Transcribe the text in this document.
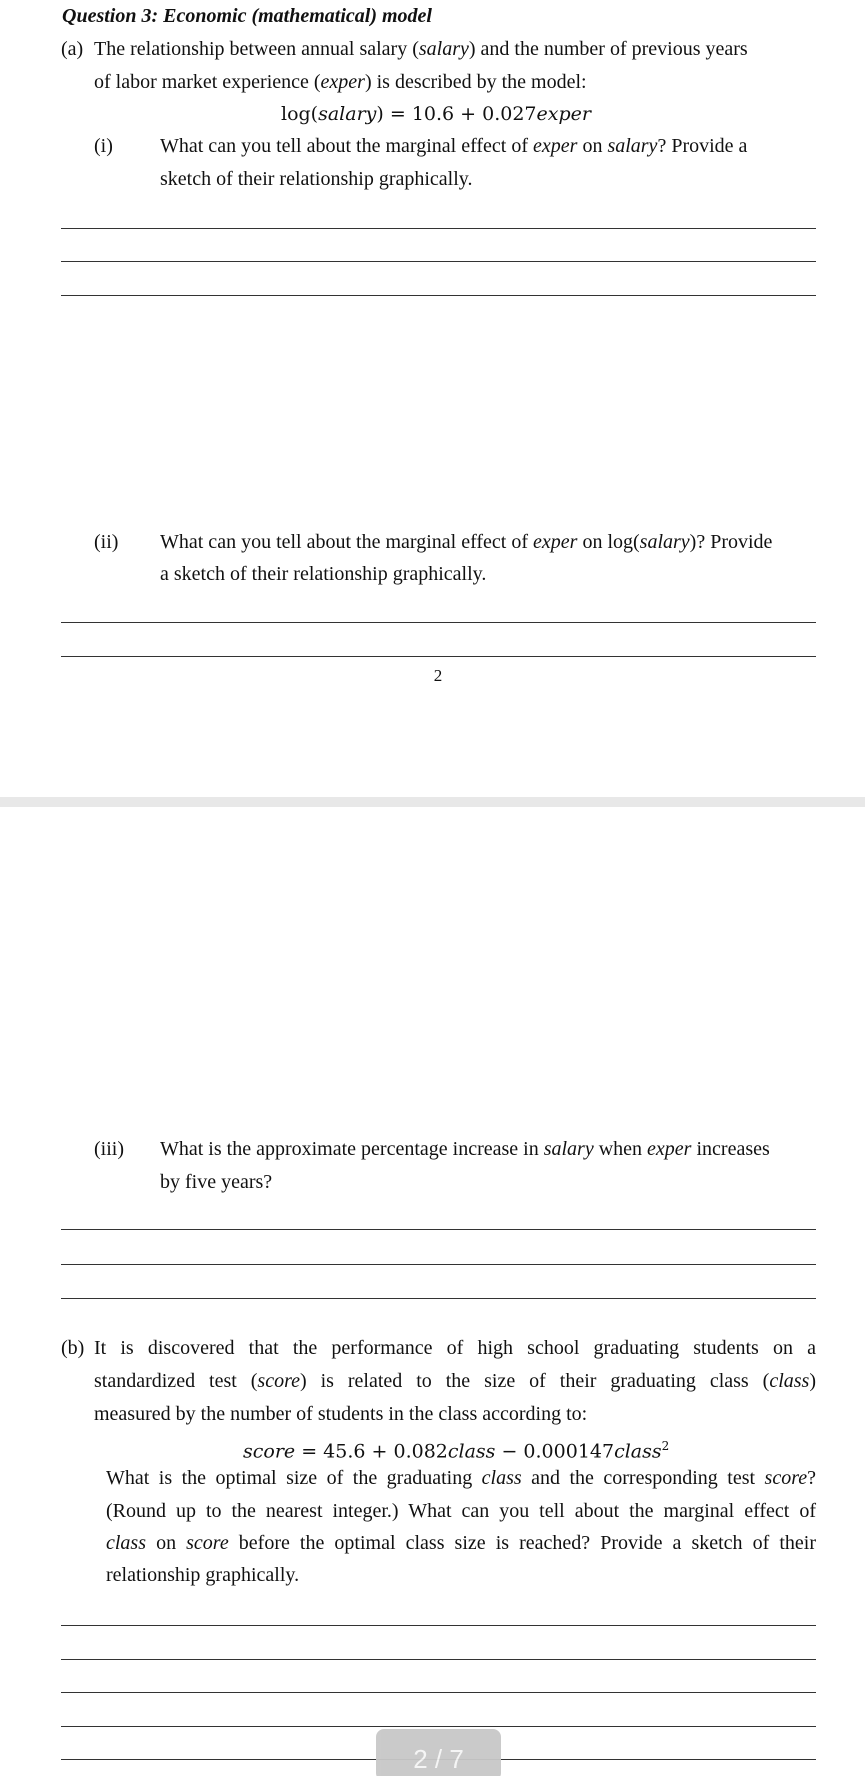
Question 3: Economic (mathematical) model
(a) The relationship between annual salary (salary) and the number of previous years
of labor market experience (exper) is described by the model:
log(salary) = 10.6 + 0.027exper
(i) What can you tell about the marginal effect of exper on salary? Provide a
sketch of their relationship graphically.
(ii) What can you tell about the marginal effect of exper on log(salary)? Provide
a sketch of their relationship graphically.
2
(iii) What is the approximate percentage increase in salary when exper increases
by five years?
(b) It is discovered that the performance of high school graduating students on a
standardized test (score) is related to the size of their graduating class (class)
measured by the number of students in the class according to:
score = 45.6 + 0.082class − 0.000147class$^2$
What is the optimal size of the graduating class and the corresponding test score?
(Round up to the nearest integer.) What can you tell about the marginal effect of
class on score before the optimal class size is reached? Provide a sketch of their
relationship graphically.
2 / 7
